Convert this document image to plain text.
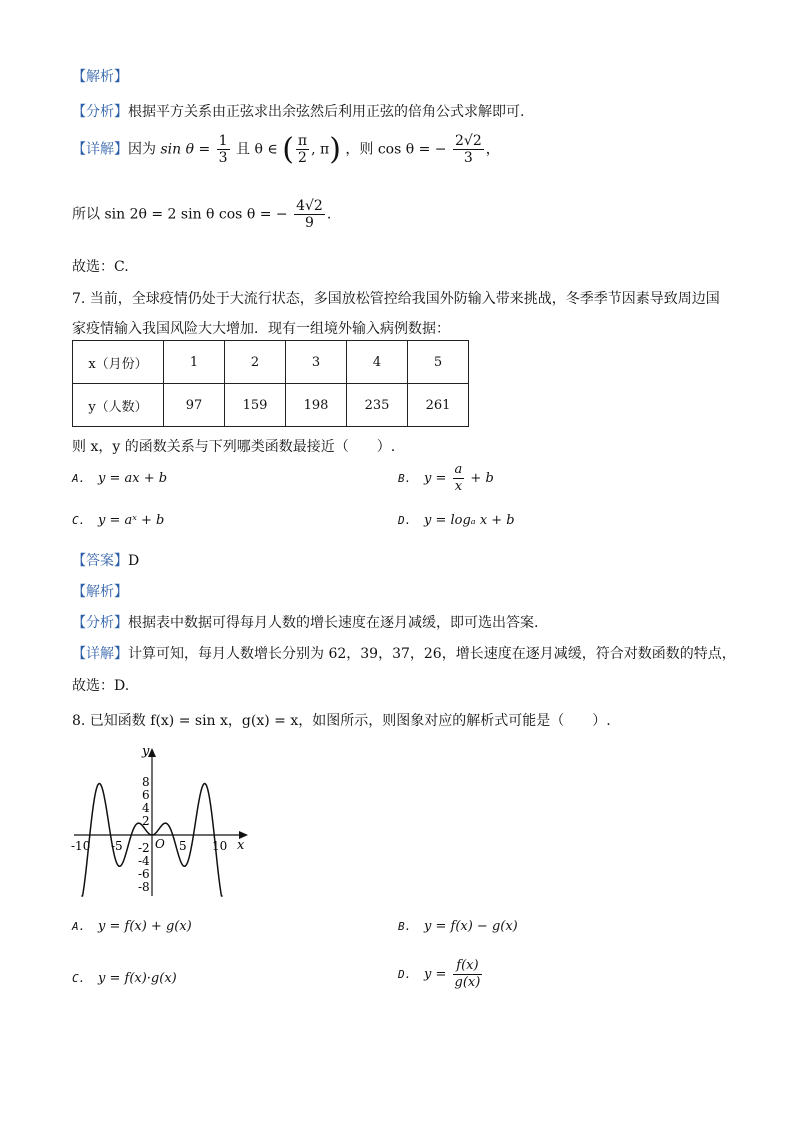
【解析】
【分析】根据平方关系由正弦求出余弦然后利用正弦的倍角公式求解即可.
【详解】因为 $\sin \theta = \frac{1}{3}$ 且 θ ∈ ( $\frac{\pi}{2}$ , π) ，则 cos θ = − $\frac{2√2}{3}$ ，
所以 sin 2θ = 2 sin θ cos θ = − $\frac{4√2}{9}$ .
故选：C.
7. 当前，全球疫情仍处于大流行状态，多国放松管控给我国外防输入带来挑战，冬季季节因素导致周边国
家疫情输入我国风险大大增加．现有一组境外输入病例数据：
x（月份）	1	2	3	4	5
y（人数）	97	159	198	235	261
则 x，y 的函数关系与下列哪类函数最接近（　　）.
A. y = ax + b	B. $y = \frac{a}{x} + b$
C. y = aˣ + b	D. y = logₐ x + b
【答案】D
【解析】
【分析】根据表中数据可得每月人数的增长速度在逐月减缓，即可选出答案.
【详解】计算可知，每月人数增长分别为 62，39，37，26，增长速度在逐月减缓，符合对数函数的特点，
故选：D.
8. 已知函数 f(x) = sin x，g(x) = x，如图所示，则图象对应的解析式可能是（　　）.
y
x
O
-10 -5	5 10
8
6
4
2
-2
-4
-6
-8
A. y = f(x) + g(x)	B. y = f(x) − g(x)
C. y = f(x)·g(x)	D. $y = \frac{f(x)}{g(x)}$
